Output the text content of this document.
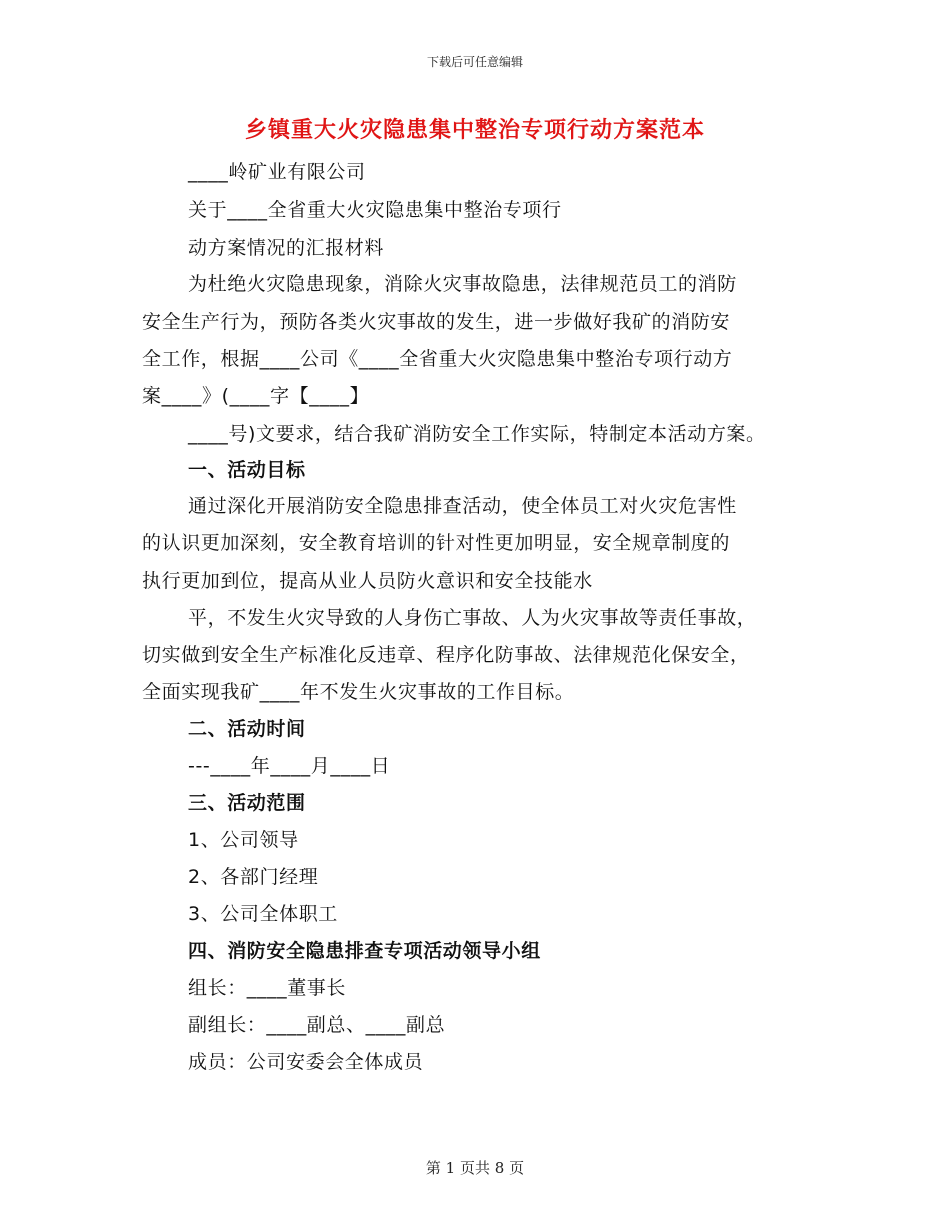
下载后可任意编辑
乡镇重大火灾隐患集中整治专项行动方案范本
____岭矿业有限公司
关于____全省重大火灾隐患集中整治专项行
动方案情况的汇报材料
为杜绝火灾隐患现象，消除火灾事故隐患，法律规范员工的消防
安全生产行为，预防各类火灾事故的发生，进一步做好我矿的消防安
全工作，根据____公司《____全省重大火灾隐患集中整治专项行动方
案____》(____字【____】
____号)文要求，结合我矿消防安全工作实际，特制定本活动方案。
一、活动目标
通过深化开展消防安全隐患排查活动，使全体员工对火灾危害性
的认识更加深刻，安全教育培训的针对性更加明显，安全规章制度的
执行更加到位，提高从业人员防火意识和安全技能水
平，不发生火灾导致的人身伤亡事故、人为火灾事故等责任事故，
切实做到安全生产标准化反违章、程序化防事故、法律规范化保安全，
全面实现我矿____年不发生火灾事故的工作目标。
二、活动时间
---____年____月____日
三、活动范围
1、公司领导
2、各部门经理
3、公司全体职工
四、消防安全隐患排查专项活动领导小组
组长：____董事长
副组长：____副总、____副总
成员：公司安委会全体成员
第 1 页共 8 页
